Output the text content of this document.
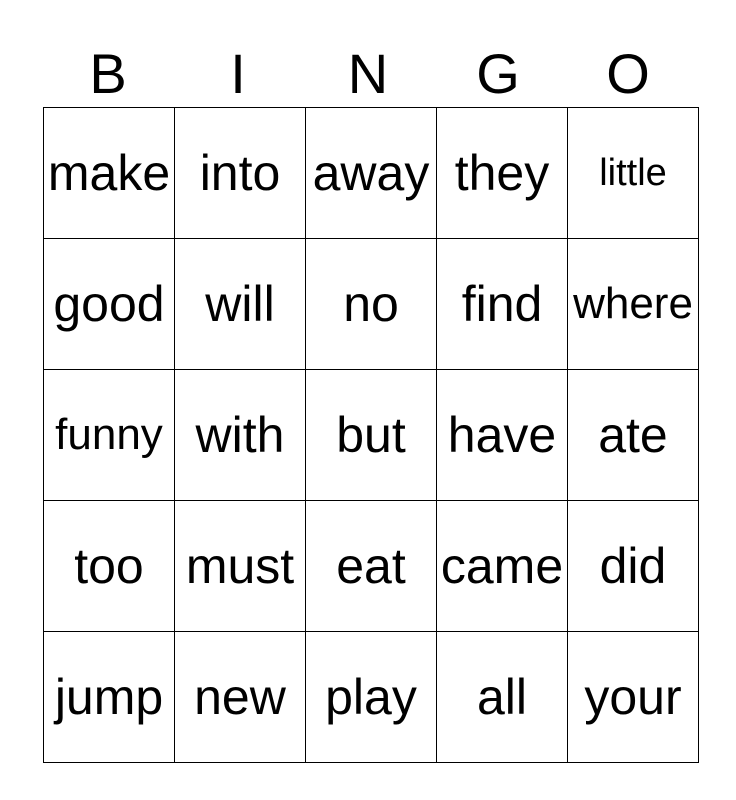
B	I	N	G	O
make	into	away	they	little
good	will	no	find	where
funny	with	but	have	ate
too	must	eat	came	did
jump	new	play	all	your
